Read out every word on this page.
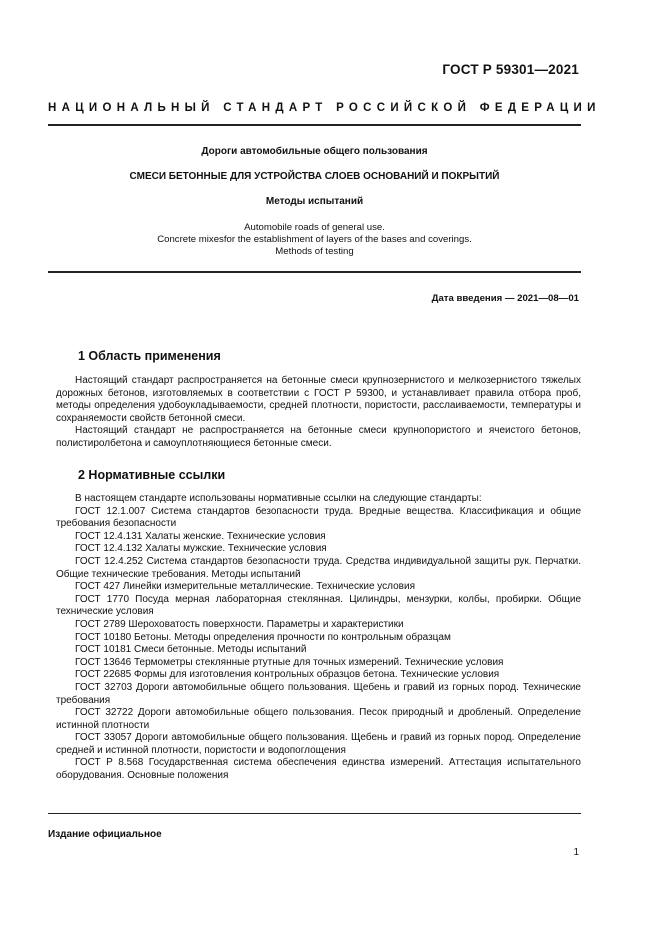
ГОСТ Р 59301—2021
НАЦИОНАЛЬНЫЙ СТАНДАРТ РОССИЙСКОЙ ФЕДЕРАЦИИ
Дороги автомобильные общего пользования
СМЕСИ БЕТОННЫЕ ДЛЯ УСТРОЙСТВА СЛОЕВ ОСНОВАНИЙ И ПОКРЫТИЙ
Методы испытаний
Automobile roads of general use.
Concrete mixesfor the establishment of layers of the bases and coverings.
Methods of testing
Дата введения — 2021—08—01
1 Область применения

Настоящий стандарт распространяется на бетонные смеси крупнозернистого и мелкозернистого тяжелых дорожных бетонов, изготовляемых в соответствии с ГОСТ Р 59300, и устанавливает правила отбора проб, методы определения удобоукладываемости, средней плотности, пористости, расслаиваемости, температуры и сохраняемости свойств бетонной смеси.

Настоящий стандарт не распространяется на бетонные смеси крупнопористого и ячеистого бетонов, полистиролбетона и самоуплотняющиеся бетонные смеси.

2 Нормативные ссылки

В настоящем стандарте использованы нормативные ссылки на следующие стандарты:

ГОСТ 12.1.007 Система стандартов безопасности труда. Вредные вещества. Классификация и общие требования безопасности

ГОСТ 12.4.131 Халаты женские. Технические условия

ГОСТ 12.4.132 Халаты мужские. Технические условия

ГОСТ 12.4.252 Система стандартов безопасности труда. Средства индивидуальной защиты рук. Перчатки. Общие технические требования. Методы испытаний

ГОСТ 427 Линейки измерительные металлические. Технические условия

ГОСТ 1770 Посуда мерная лабораторная стеклянная. Цилиндры, мензурки, колбы, пробирки. Общие технические условия

ГОСТ 2789 Шероховатость поверхности. Параметры и характеристики

ГОСТ 10180 Бетоны. Методы определения прочности по контрольным образцам

ГОСТ 10181 Смеси бетонные. Методы испытаний

ГОСТ 13646 Термометры стеклянные ртутные для точных измерений. Технические условия

ГОСТ 22685 Формы для изготовления контрольных образцов бетона. Технические условия

ГОСТ 32703 Дороги автомобильные общего пользования. Щебень и гравий из горных пород. Технические требования

ГОСТ 32722 Дороги автомобильные общего пользования. Песок природный и дробленый. Определение истинной плотности

ГОСТ 33057 Дороги автомобильные общего пользования. Щебень и гравий из горных пород. Определение средней и истинной плотности, пористости и водопоглощения

ГОСТ Р 8.568 Государственная система обеспечения единства измерений. Аттестация испытательного оборудования. Основные положения

Издание официальное
1
